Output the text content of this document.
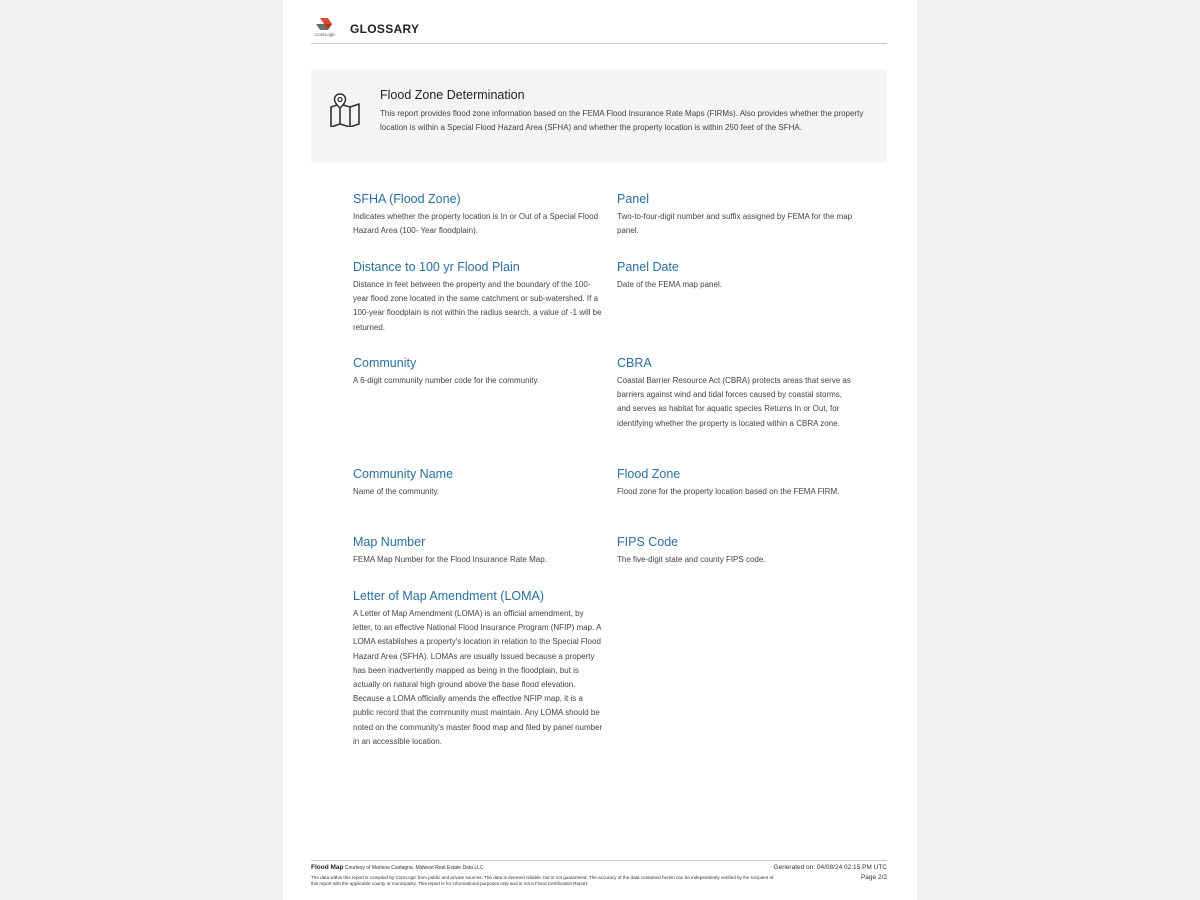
CoreLogic GLOSSARY
Flood Zone Determination
This report provides flood zone information based on the FEMA Flood Insurance Rate Maps (FIRMs). Also provides whether the property location is within a Special Flood Hazard Area (SFHA) and whether the property location is within 250 feet of the SFHA.
SFHA (Flood Zone)
Indicates whether the property location is In or Out of a Special Flood Hazard Area (100- Year floodplain).
Panel
Two-to-four-digit number and suffix assigned by FEMA for the map panel.
Distance to 100 yr Flood Plain
Distance in feet between the property and the boundary of the 100-year flood zone located in the same catchment or sub-watershed. If a 100-year floodplain is not within the radius search, a value of -1 will be returned.
Panel Date
Date of the FEMA map panel.
Community
A 6-digit community number code for the community.
CBRA
Coastal Barrier Resource Act (CBRA) protects areas that serve as barriers against wind and tidal forces caused by coastal storms, and serves as habitat for aquatic species Returns In or Out, for identifying whether the property is located within a CBRA zone.
Community Name
Name of the community.
Flood Zone
Flood zone for the property location based on the FEMA FIRM.
Map Number
FEMA Map Number for the Flood Insurance Rate Map.
FIPS Code
The five-digit state and county FIPS code.
Letter of Map Amendment (LOMA)
A Letter of Map Amendment (LOMA) is an official amendment, by letter, to an effective National Flood Insurance Program (NFIP) map. A LOMA establishes a property's location in relation to the Special Flood Hazard Area (SFHA). LOMAs are usually issued because a property has been inadvertently mapped as being in the floodplain, but is actually on natural high ground above the base flood elevation.
Because a LOMA officially amends the effective NFIP map, it is a public record that the community must maintain. Any LOMA should be noted on the community's master flood map and filed by panel number in an accessible location.
Flood Map Courtesy of Marlene Castagna, Midwest Real Estate Data LLC	Generated on: 04/08/24 02:15 PM UTC
Page 2/2
The data within this report is compiled by CoreLogic from public and private sources. The data is deemed reliable, but is not guaranteed. The accuracy of the data contained herein can be independently verified by the recipient of this report with the applicable county or municipality. This report is for informational purposes only and is not a Flood Certification Report.
